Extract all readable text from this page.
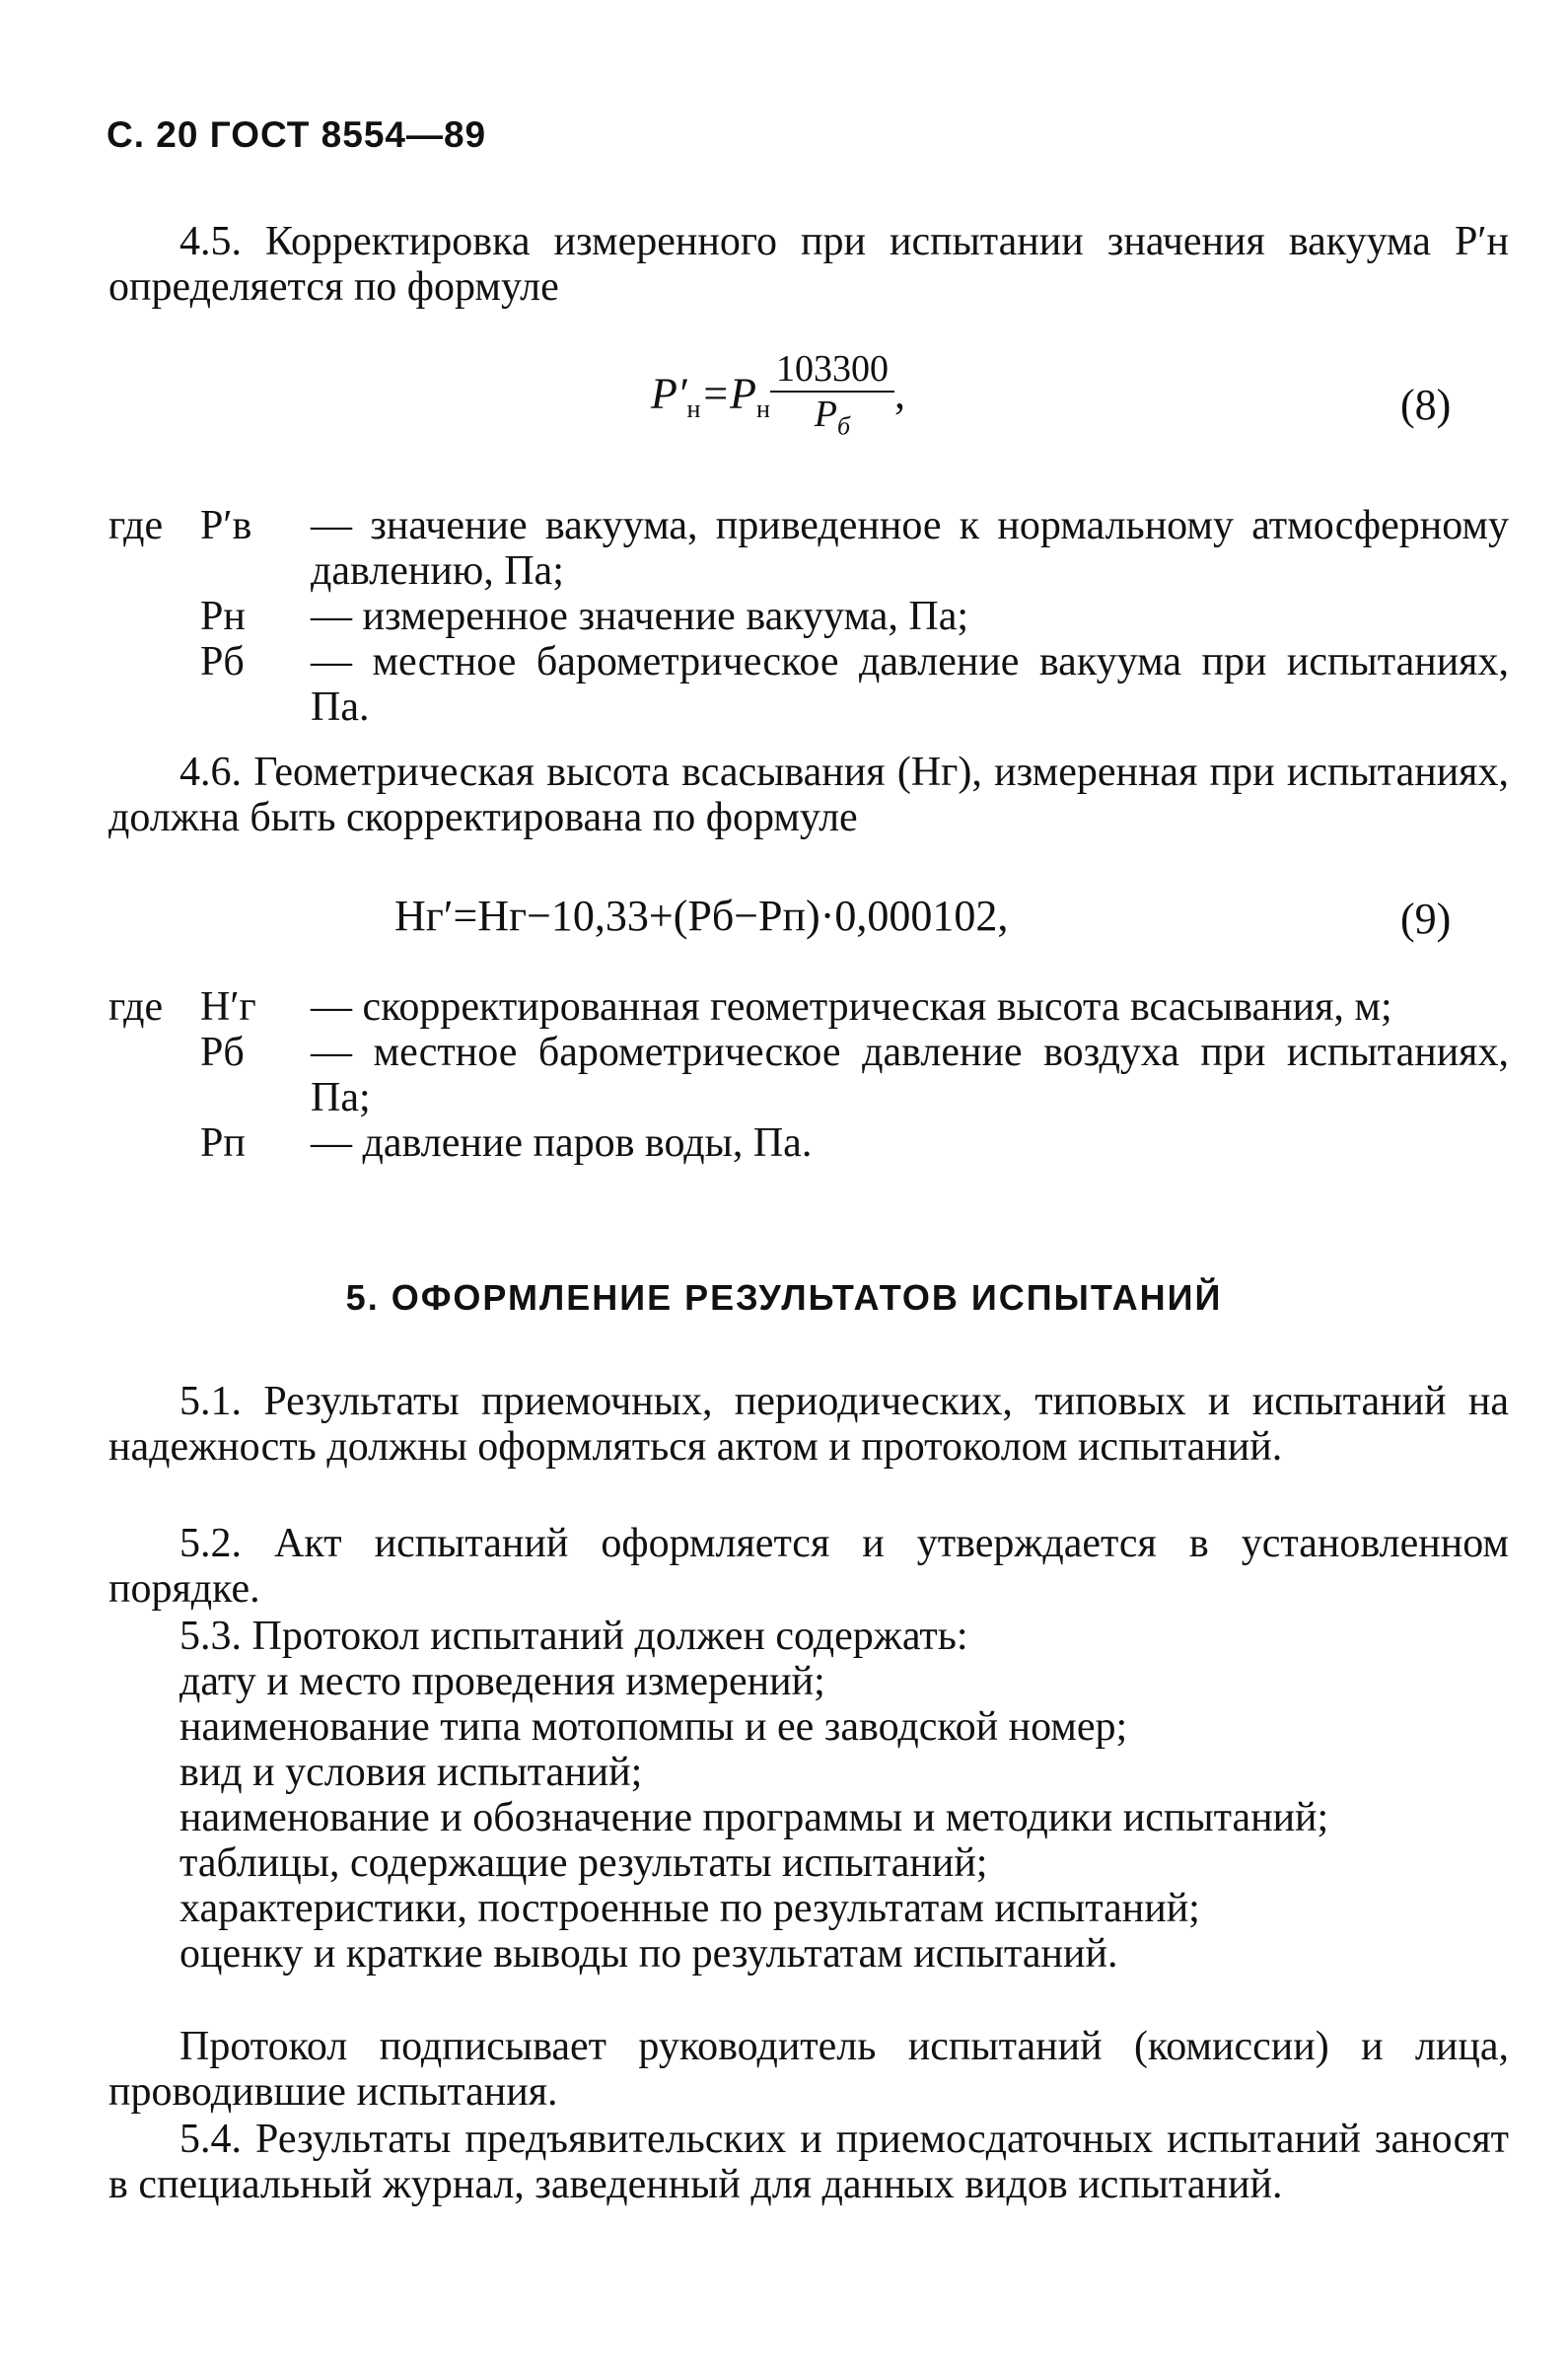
С. 20 ГОСТ 8554—89
4.5. Корректировка измеренного при испытании значения вакуума P′н определяется по формуле
$P'_н=P_н \frac{103300}{P_б}$ ,	(8)
где P′в — значение вакуума, приведенное к нормальному атмосферному давлению, Па;
Pн — измеренное значение вакуума, Па;
Pб — местное барометрическое давление вакуума при испытаниях, Па.
4.6. Геометрическая высота всасывания (Hг), измеренная при испытаниях, должна быть скорректирована по формуле
Hг′=Hг−10,33+(Pб−Pп)·0,000102,	(9)
где H′г — скорректированная геометрическая высота всасывания, м;
Pб — местное барометрическое давление воздуха при испытаниях, Па;
Pп — давление паров воды, Па.
5. ОФОРМЛЕНИЕ РЕЗУЛЬТАТОВ ИСПЫТАНИЙ
5.1. Результаты приемочных, периодических, типовых и испытаний на надежность должны оформляться актом и протоколом испытаний.
5.2. Акт испытаний оформляется и утверждается в установленном порядке.
5.3. Протокол испытаний должен содержать:
дату и место проведения измерений;
наименование типа мотопомпы и ее заводской номер;
вид и условия испытаний;
наименование и обозначение программы и методики испытаний;
таблицы, содержащие результаты испытаний;
характеристики, построенные по результатам испытаний;
оценку и краткие выводы по результатам испытаний.
Протокол подписывает руководитель испытаний (комиссии) и лица, проводившие испытания.
5.4. Результаты предъявительских и приемосдаточных испытаний заносят в специальный журнал, заведенный для данных видов испытаний.
